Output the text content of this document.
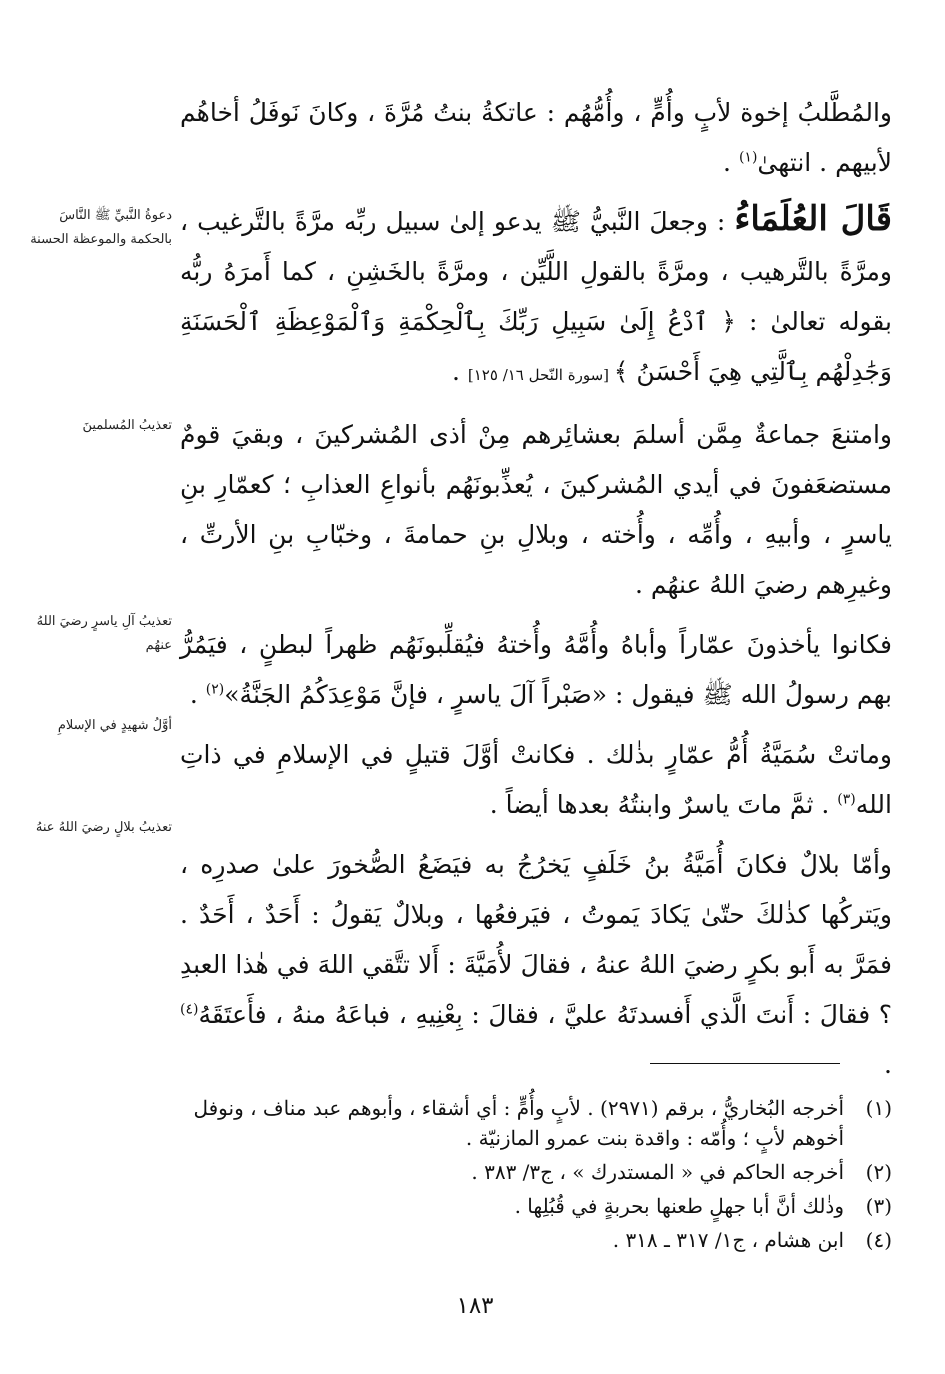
والمُطَّلبُ إخوة لأبٍ وأُمٍّ ، وأُمُّهُم : عاتكةُ بنتُ مُرَّةَ ، وكانَ نَوفَلُ أخاهُم لأبيهم . انتهىٰ$^{(١)}$ .

قَالَ العُلَمَاءُ : وجعلَ النَّبيُّ ﷺ يدعو إلىٰ سبيل ربِّه مرَّةً بالتَّرغيب ، ومرَّةً بالتَّرهيب ، ومرَّةً بالقولِ اللَّيِّن ، ومرَّةً بالخَشِنِ ، كما أَمرَهُ ربُّه بقوله تعالىٰ : ﴿ ٱدْعُ إِلَىٰ سَبِيلِ رَبِّكَ بِٱلْحِكْمَةِ وَٱلْمَوْعِظَةِ ٱلْحَسَنَةِ وَجَٰدِلْهُم بِٱلَّتِي هِيَ أَحْسَنُ ﴾ [سورة النّحل ١٦/ ١٢٥] .

وامتنعَ جماعةٌ مِمَّن أسلمَ بعشائِرهم مِنْ أذى المُشركينَ ، وبقيَ قومٌ مستضعَفونَ في أيدي المُشركينَ ، يُعذِّبونَهُم بأنواعِ العذابِ ؛ كعمّارِ بنِ ياسرٍ ، وأبيهِ ، وأُمِّه ، وأُخته ، وبلالِ بنِ حمامةَ ، وخبّابِ بنِ الأرتِّ ، وغيرِهم رضيَ اللهُ عنهُم .

فكانوا يأخذونَ عمّاراً وأباهُ وأُمَّهُ وأُختهُ فيُقلِّبونَهُم ظهراً لبطنٍ ، فيَمُرُّ بهم رسولُ الله ﷺ فيقول : «صَبْراً آلَ ياسرٍ ، فإنَّ مَوْعِدَكُمُ الجَنَّةُ»$^{(٢)}$ .

وماتتْ سُمَيَّةُ أُمُّ عمّارٍ بذٰلك . فكانتْ أوَّلَ قتيلٍ في الإسلامِ في ذاتِ الله$^{(٣)}$ . ثمَّ ماتَ ياسرٌ وابنتُهُ بعدها أيضاً .

وأمّا بلالٌ فكانَ أُمَيَّةُ بنُ خَلَفٍ يَخرُجُ به فيَضَعُ الصُّخورَ علىٰ صدرِه ، ويَتركُها كذٰلكَ حتّىٰ يَكادَ يَموتُ ، فيَرفعُها ، وبلالٌ يَقولُ : أَحَدٌ ، أَحَدٌ . فمَرَّ به أَبو بكرٍ رضيَ اللهُ عنهُ ، فقالَ لأُمَيَّةَ : أَلا تتَّقي اللهَ في هٰذا العبدِ ؟ فقالَ : أَنتَ الَّذي أَفسدتَهُ عليَّ ، فقالَ : بِعْنِيهِ ، فباعَهُ منهُ ، فأَعتَقَهُ$^{(٤)}$ .

دعوةُ النَّبيِّ ﷺ النَّاسَ بالحكمة والموعظة الحسنة
تعذيبُ المُسلمينَ
تعذيبُ آلِ ياسرٍ رضيَ اللهُ عنهُم
أوَّلُ شهيدٍ في الإسلامِ
تعذيبُ بلالٍ رضيَ اللهُ عنهُ
(١)
أخرجه البُخاريُّ ، برقم (٢٩٧١) . لأبٍ وأُمٍّ : أي أشقاء ، وأبوهم عبد مناف ، ونوفل أخوهم لأبٍ ؛ وأُمّه : واقدة بنت عمرو المازنيّة .
(٢)
أخرجه الحاكم في « المستدرك » ، ج٣/ ٣٨٣ .
(٣)
وذٰلك أنَّ أبا جهلٍ طعنها بحربةٍ في قُبُلِها .
(٤)
ابن هشام ، ج١/ ٣١٧ ـ ٣١٨ .
١٨٣
